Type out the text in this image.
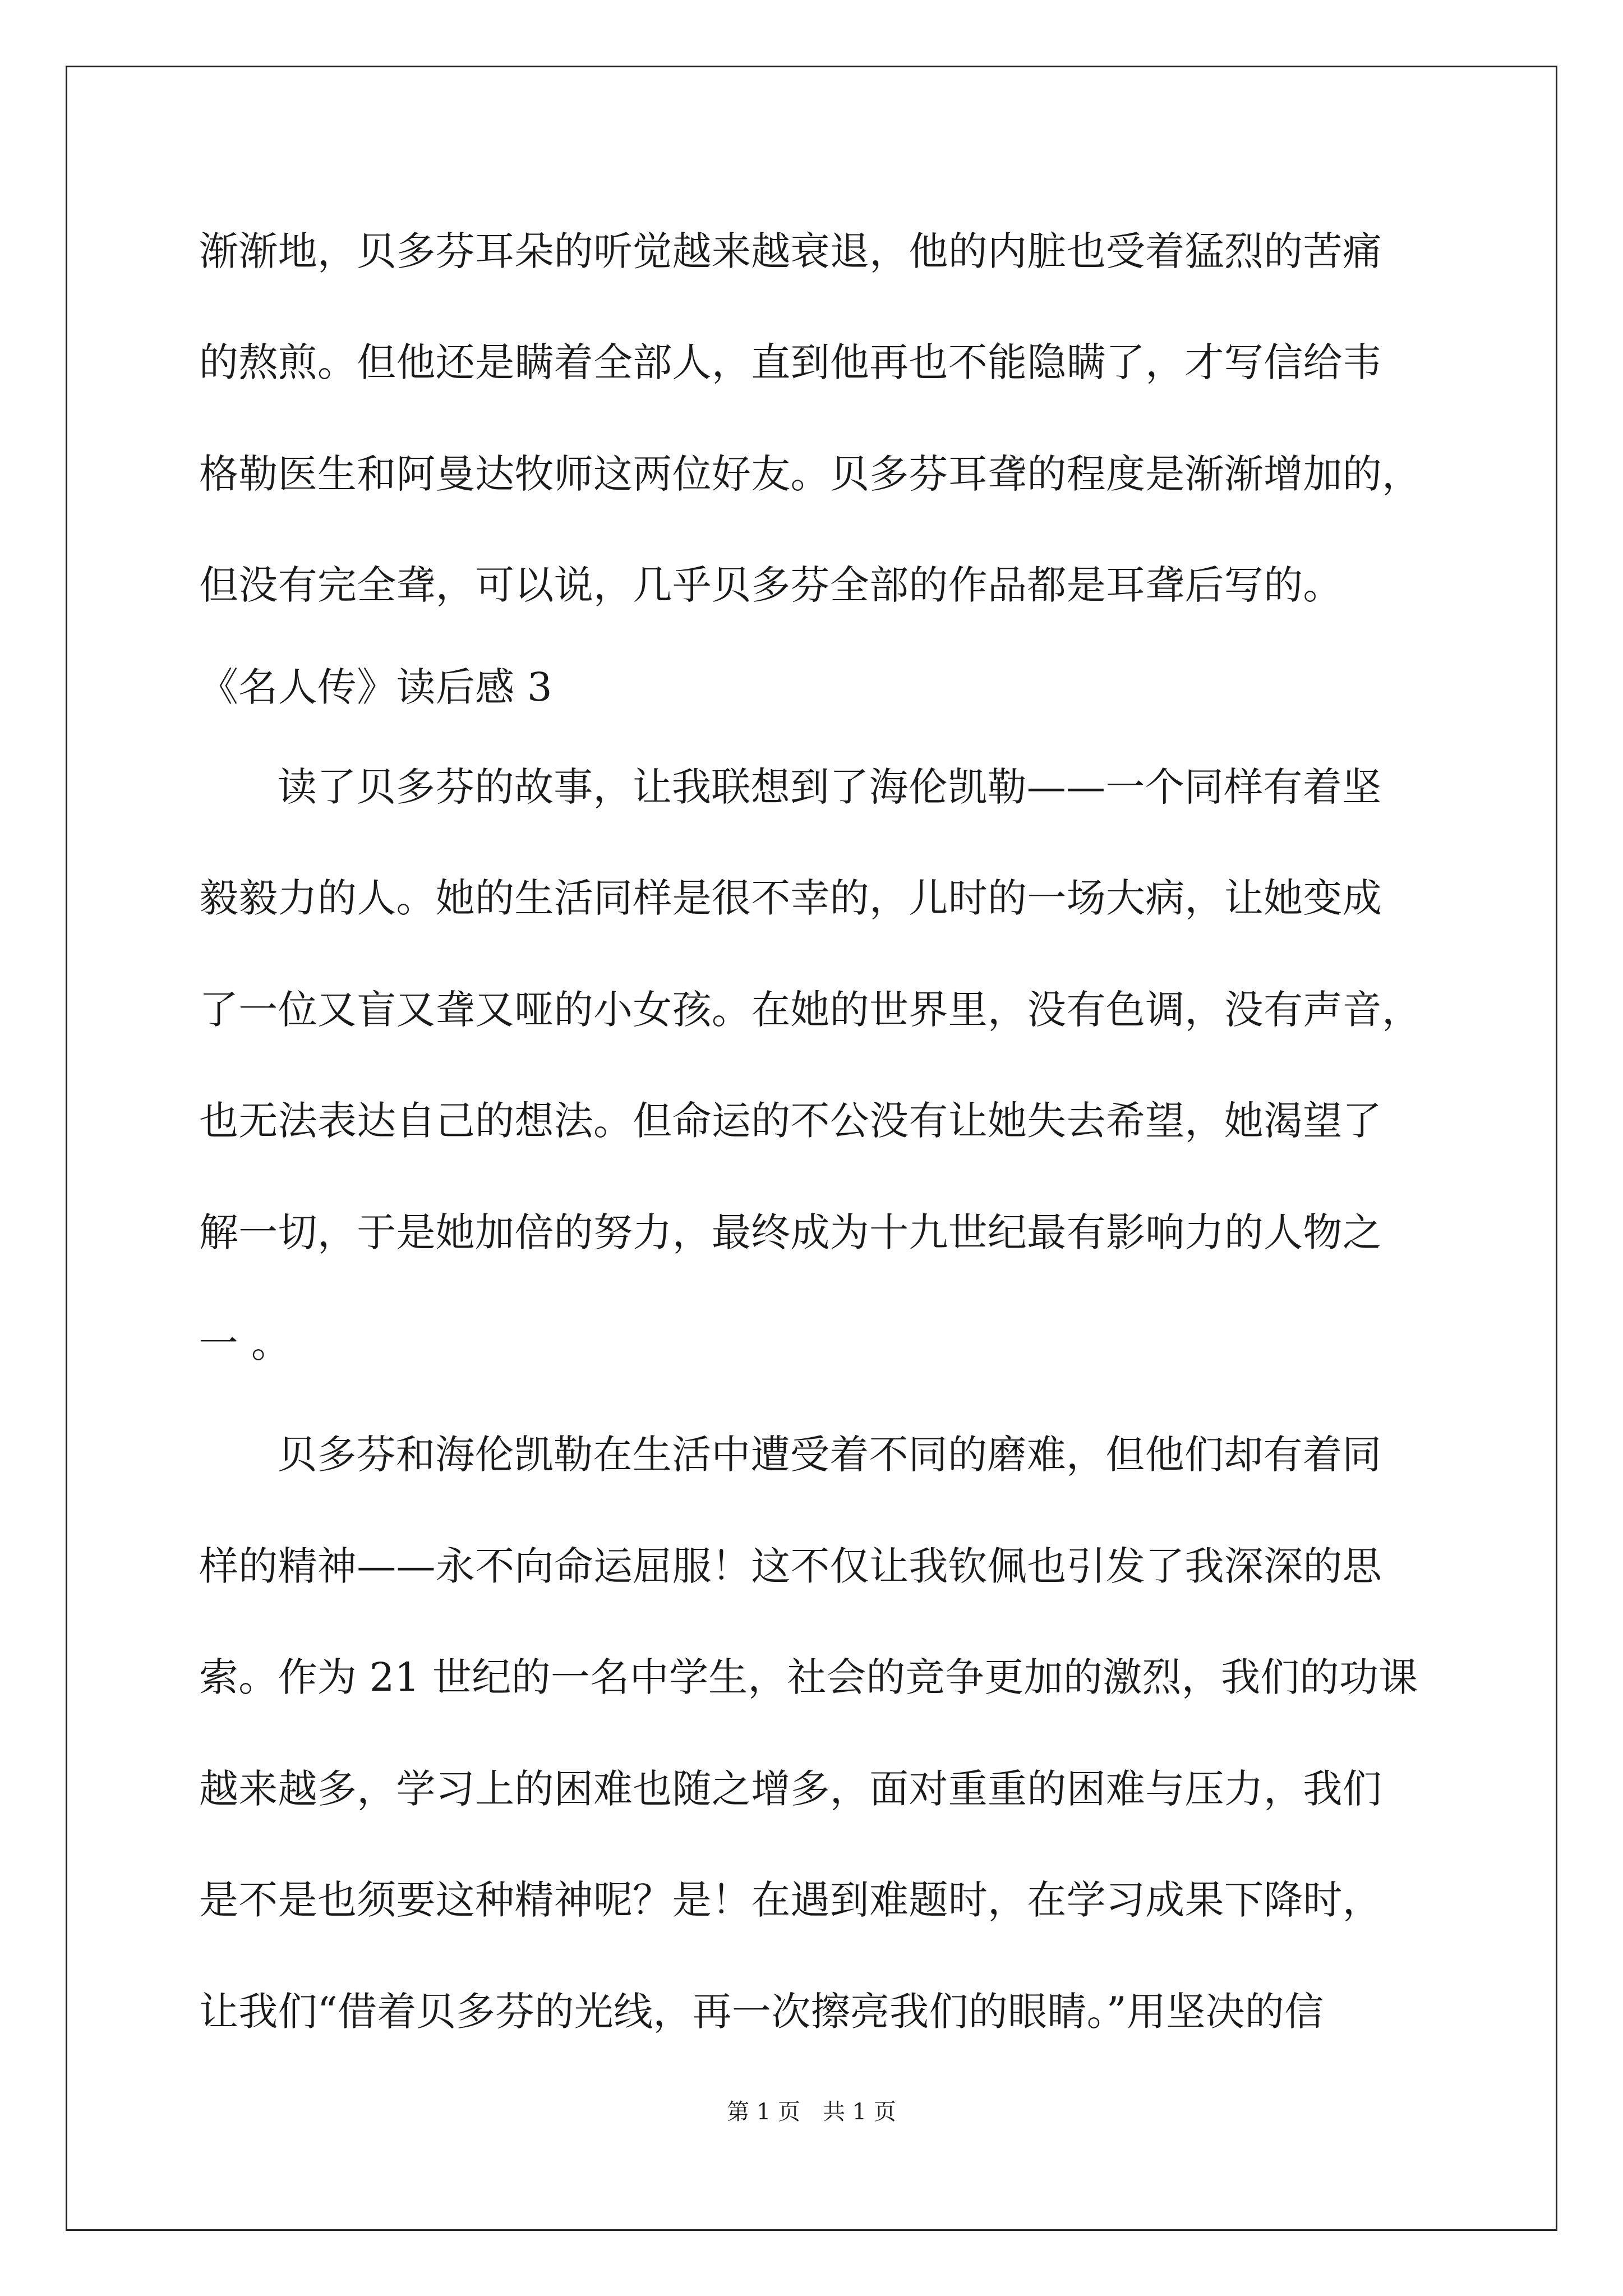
渐渐地，贝多芬耳朵的听觉越来越衰退，他的内脏也受着猛烈的苦痛
的熬煎。但他还是瞒着全部人，直到他再也不能隐瞒了，才写信给韦
格勒医生和阿曼达牧师这两位好友。贝多芬耳聋的程度是渐渐增加的，
但没有完全聋，可以说，几乎贝多芬全部的作品都是耳聋后写的。
《名人传》读后感 3
读了贝多芬的故事，让我联想到了海伦凯勒——一个同样有着坚
毅毅力的人。她的生活同样是很不幸的，儿时的一场大病，让她变成
了一位又盲又聋又哑的小女孩。在她的世界里，没有色调，没有声音，
也无法表达自己的想法。但命运的不公没有让她失去希望，她渴望了
解一切，于是她加倍的努力，最终成为十九世纪最有影响力的人物之
一 。
贝多芬和海伦凯勒在生活中遭受着不同的磨难，但他们却有着同
样的精神——永不向命运屈服！这不仅让我钦佩也引发了我深深的思
索。作为 21 世纪的一名中学生，社会的竞争更加的激烈，我们的功课
越来越多，学习上的困难也随之增多，面对重重的困难与压力，我们
是不是也须要这种精神呢？是！在遇到难题时，在学习成果下降时，
让我们“借着贝多芬的光线，再一次擦亮我们的眼睛。”用坚决的信
第 1 页　共 1 页
